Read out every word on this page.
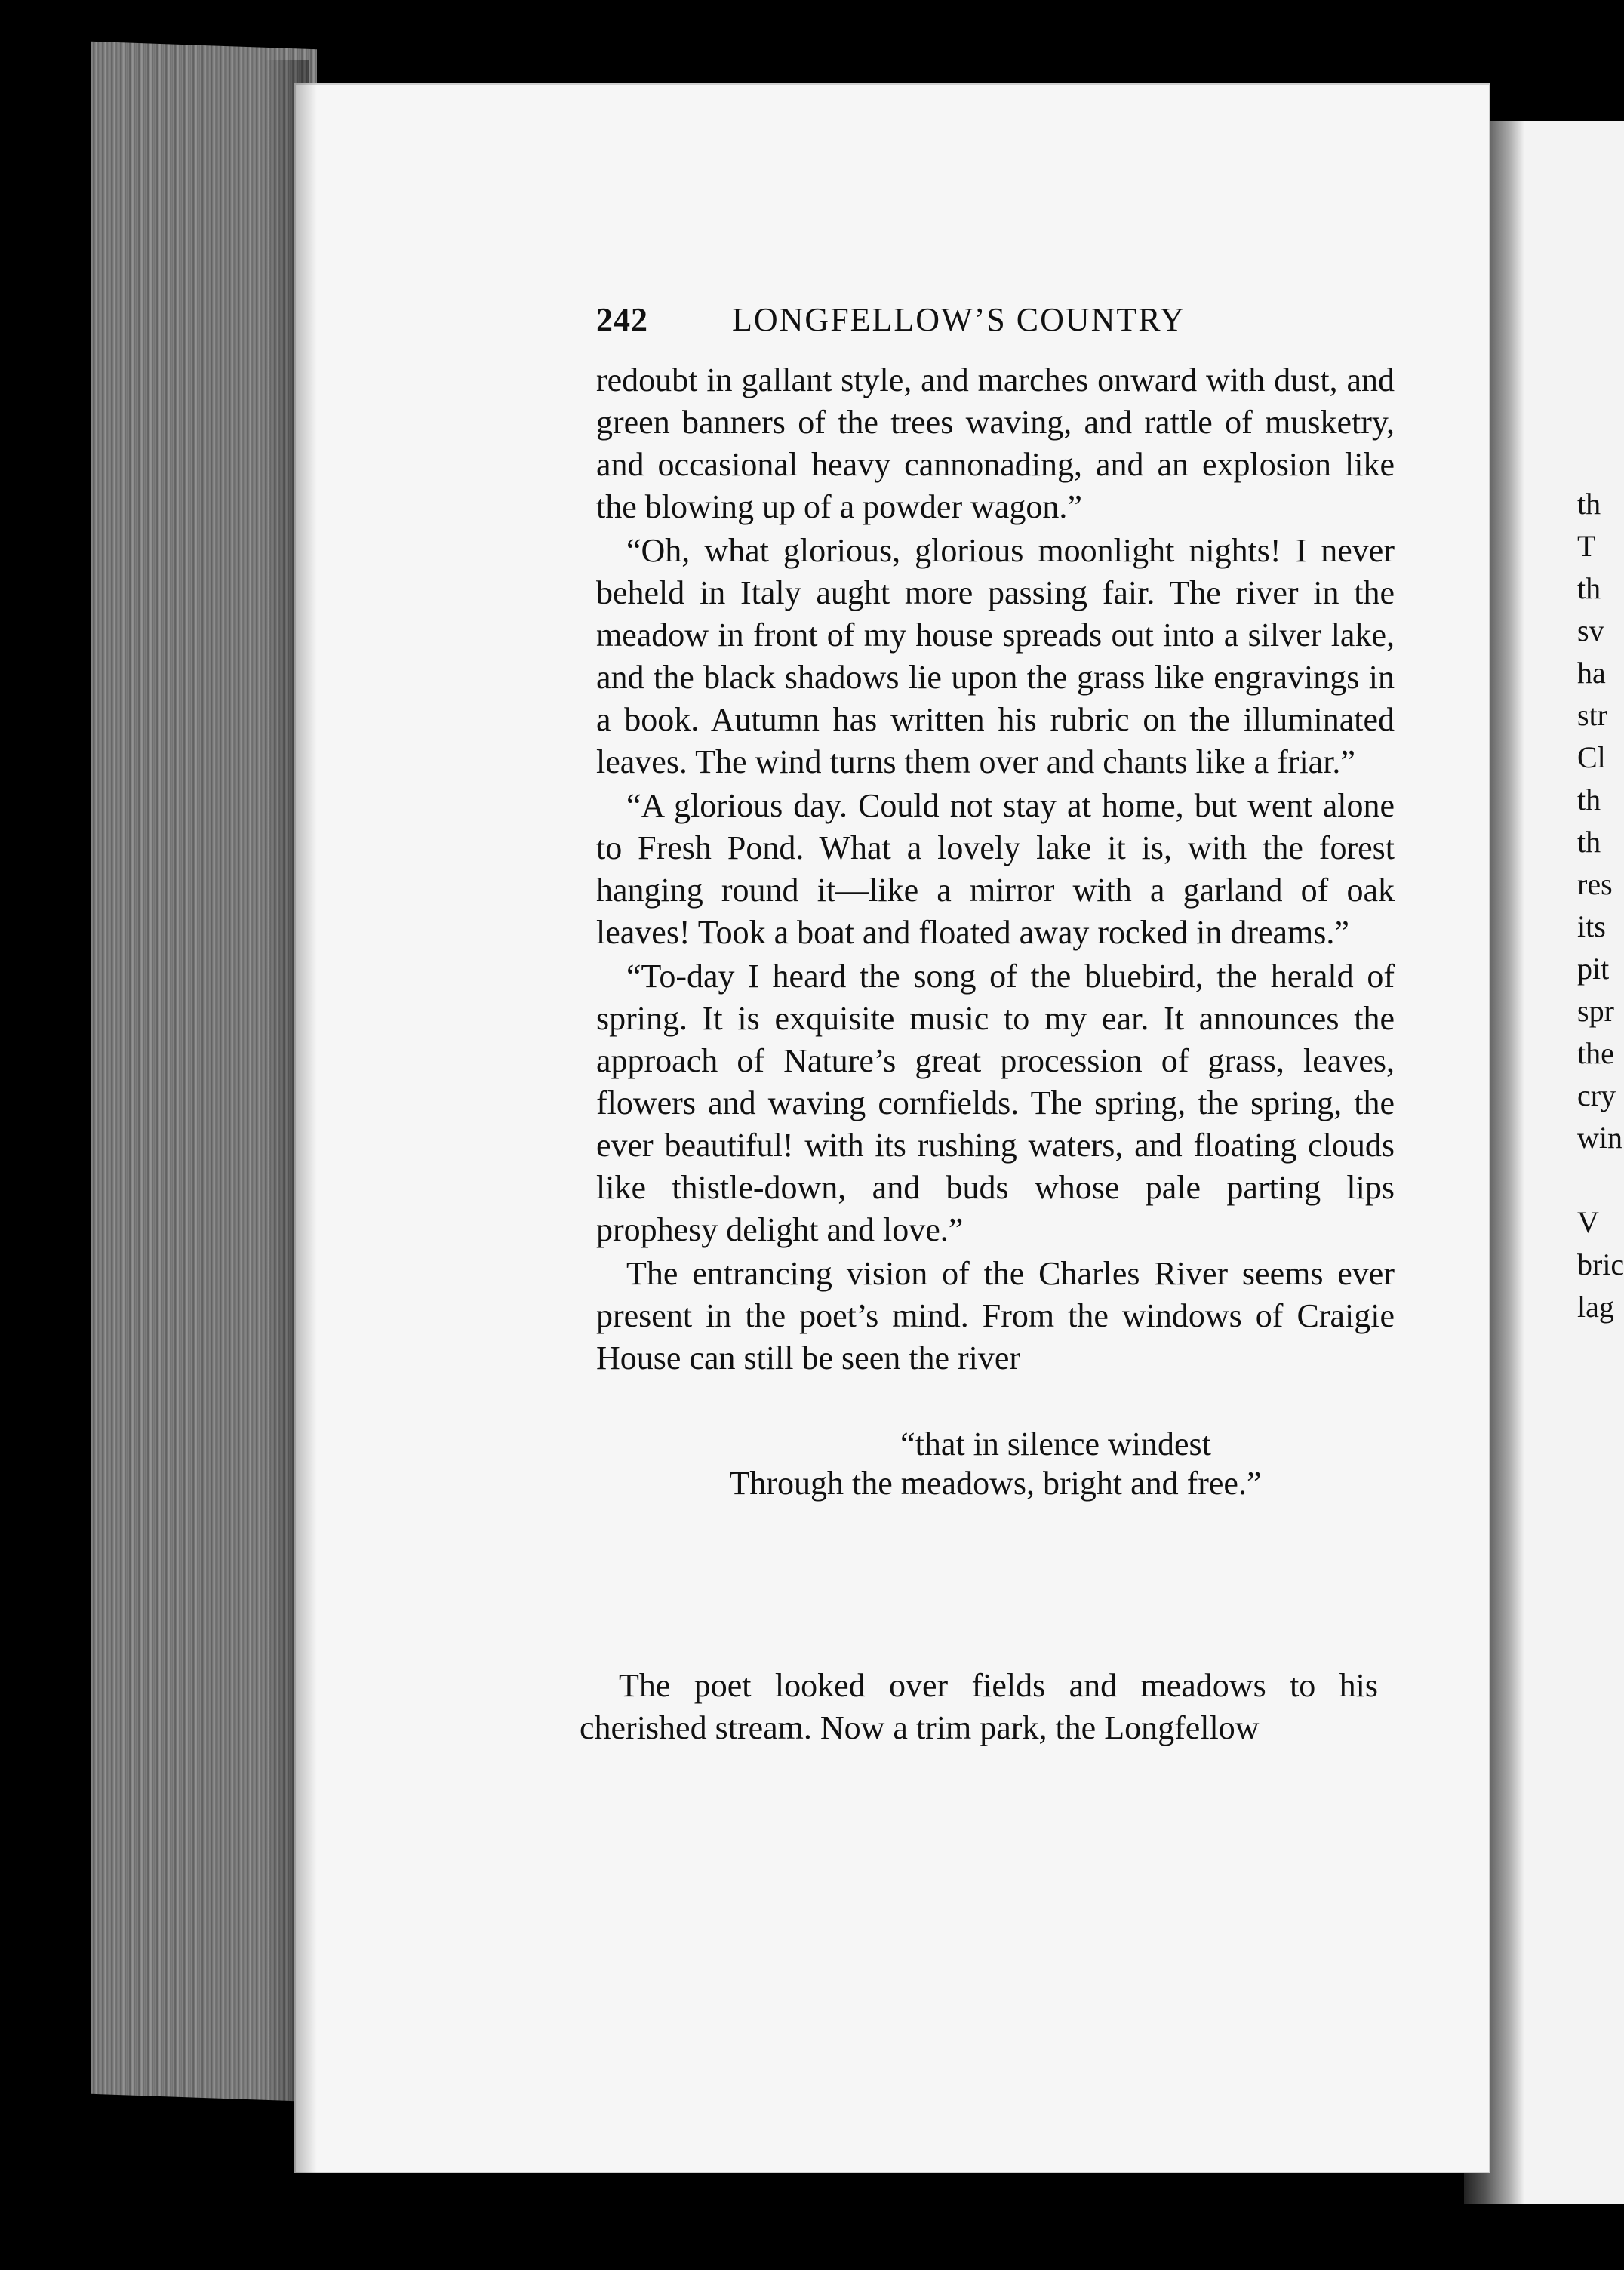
th
T
th
sv
ha
str
Cl
th
th
res
its
pit
spr
the
cry
win
V
bric
lag
242	LONGFELLOW’S COUNTRY

redoubt in gallant style, and marches onward with dust, and green banners of the trees waving, and rattle of musketry, and occasional heavy cannonading, and an explosion like the blowing up of a powder wagon.”

“Oh, what glorious, glorious moonlight nights! I never beheld in Italy aught more passing fair. The river in the meadow in front of my house spreads out into a silver lake, and the black shadows lie upon the grass like engravings in a book. Autumn has written his rubric on the illuminated leaves. The wind turns them over and chants like a friar.”

“A glorious day. Could not stay at home, but went alone to Fresh Pond. What a lovely lake it is, with the forest hanging round it—like a mirror with a garland of oak leaves! Took a boat and floated away rocked in dreams.”

“To-day I heard the song of the bluebird, the herald of spring. It is exquisite music to my ear. It announces the approach of Nature’s great procession of grass, leaves, flowers and waving cornfields. The spring, the spring, the ever beautiful! with its rushing waters, and floating clouds like thistle-down, and buds whose pale parting lips prophesy delight and love.”

The entrancing vision of the Charles River seems ever present in the poet’s mind. From the windows of Craigie House can still be seen the river

“that in silence windest
Through the meadows, bright and free.”
The poet looked over fields and meadows to his cherished stream. Now a trim park, the Longfellow
